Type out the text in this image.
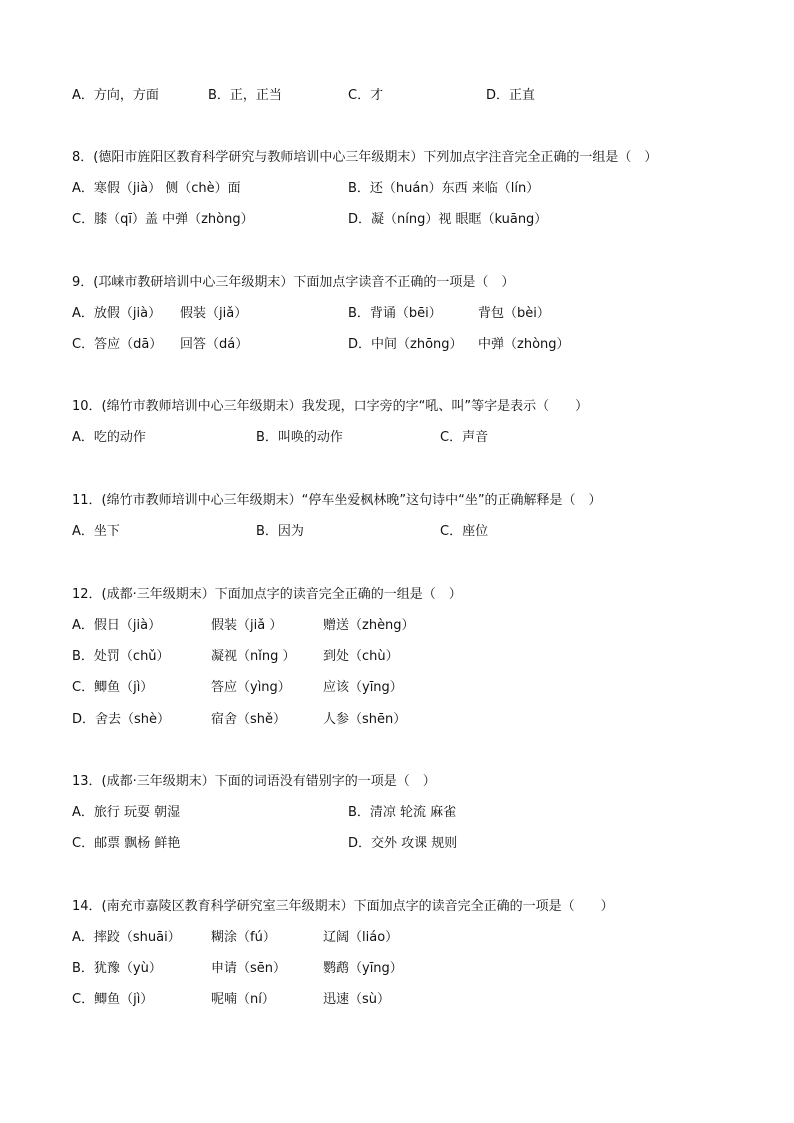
A．方向，方面	B．正，正当	C．才	D．正直
8．(德阳市旌阳区教育科学研究与教师培训中心三年级期末）下列加点字注音完全正确的一组是（　）
A．寒假（jià） 侧（chè）面	B．还（huán）东西 来临（lín）
C．膝（qī）盖 中弹（zhòng）	D．凝（níng）视 眼眶（kuāng）
9．(邛崃市教研培训中心三年级期末）下面加点字读音不正确的一项是（　）
A．放假（jià） 假装（jiǎ）	B．背诵（bēi）	背包（bèi）
C．答应（dā） 回答（dá）	D．中间（zhōng） 中弹（zhòng）
10．(绵竹市教师培训中心三年级期末）我发现，口字旁的字“吼、叫”等字是表示（　　）
A．吃的动作	B．叫唤的动作	C．声音
11．(绵竹市教师培训中心三年级期末）“停车坐爱枫林晚”这句诗中“坐”的正确解释是（　）
A．坐下	B．因为	C．座位
12．(成都·三年级期末）下面加点字的读音完全正确的一组是（　）
A．假日（jià）	假装（jiǎ ）	赠送（zhèng）
B．处罚（chǔ）	凝视（nǐng ） 到处（chù）
C．鲫鱼（jì）	答应（yìng） 应该（yīng）
D．舍去（shè）	宿舍（shě）	人参（shēn）
13．(成都·三年级期末）下面的词语没有错别字的一项是（　）
A．旅行 玩耍 朝湿	B．清凉 轮流 麻雀
C．邮票 飘杨 鲜艳	D．交外 攻课 规则
14．(南充市嘉陵区教育科学研究室三年级期末）下面加点字的读音完全正确的一项是（　　）
A．摔跤（shuāi） 糊涂（fú）	辽阔（liáo）
B．犹豫（yù）	申请（sēn）	鹦鹉（yīng）
C．鲫鱼（jì）	呢喃（ní）	迅速（sù）
